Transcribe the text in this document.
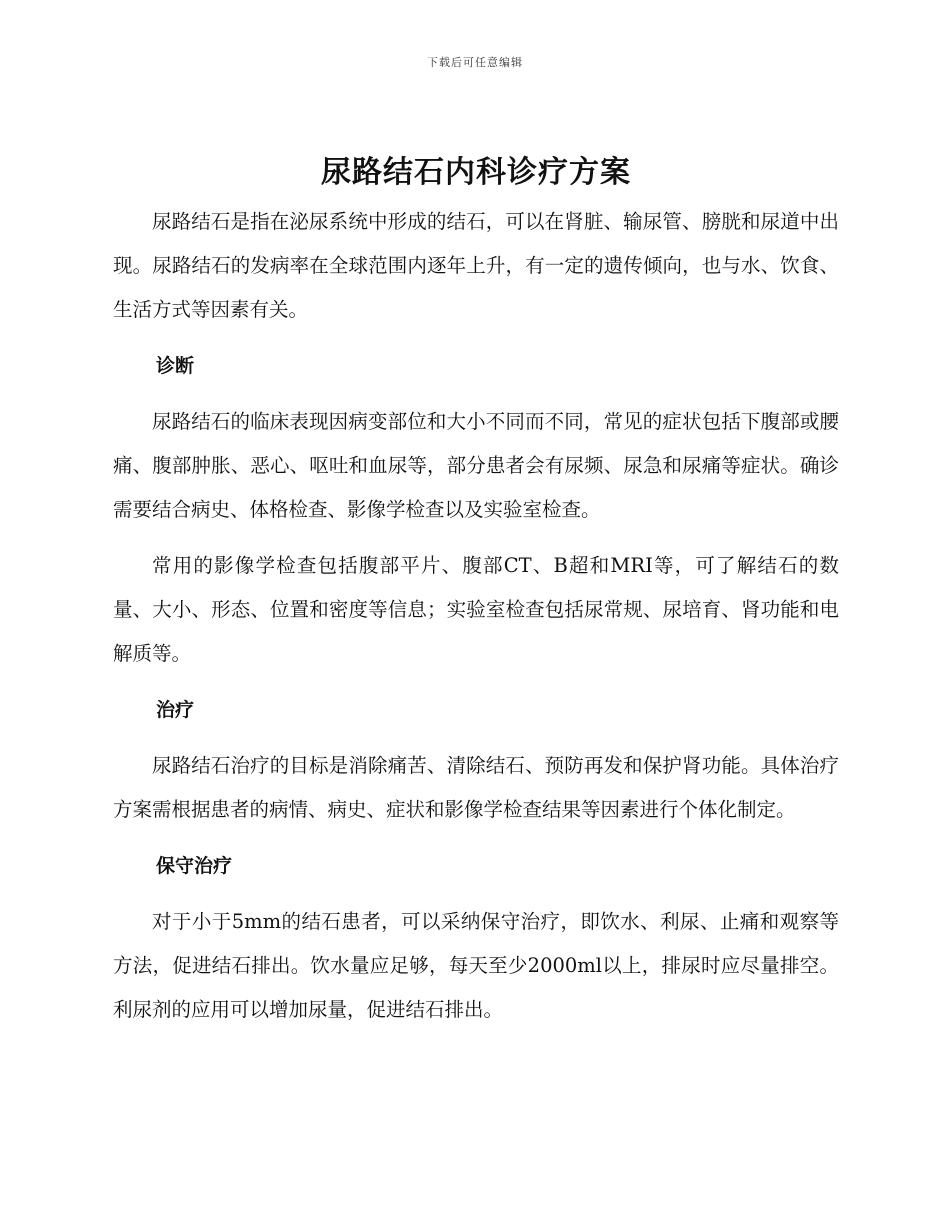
下载后可任意编辑
尿路结石内科诊疗方案

尿路结石是指在泌尿系统中形成的结石，可以在肾脏、输尿管、膀胱和尿道中出现。尿路结石的发病率在全球范围内逐年上升，有一定的遗传倾向，也与水、饮食、生活方式等因素有关。

诊断

尿路结石的临床表现因病变部位和大小不同而不同，常见的症状包括下腹部或腰痛、腹部肿胀、恶心、呕吐和血尿等，部分患者会有尿频、尿急和尿痛等症状。确诊需要结合病史、体格检查、影像学检查以及实验室检查。

常用的影像学检查包括腹部平片、腹部CT、B超和MRI等，可了解结石的数量、大小、形态、位置和密度等信息；实验室检查包括尿常规、尿培育、肾功能和电解质等。

治疗

尿路结石治疗的目标是消除痛苦、清除结石、预防再发和保护肾功能。具体治疗方案需根据患者的病情、病史、症状和影像学检查结果等因素进行个体化制定。

保守治疗

对于小于5mm的结石患者，可以采纳保守治疗，即饮水、利尿、止痛和观察等方法，促进结石排出。饮水量应足够，每天至少2000ml以上，排尿时应尽量排空。利尿剂的应用可以增加尿量，促进结石排出。
